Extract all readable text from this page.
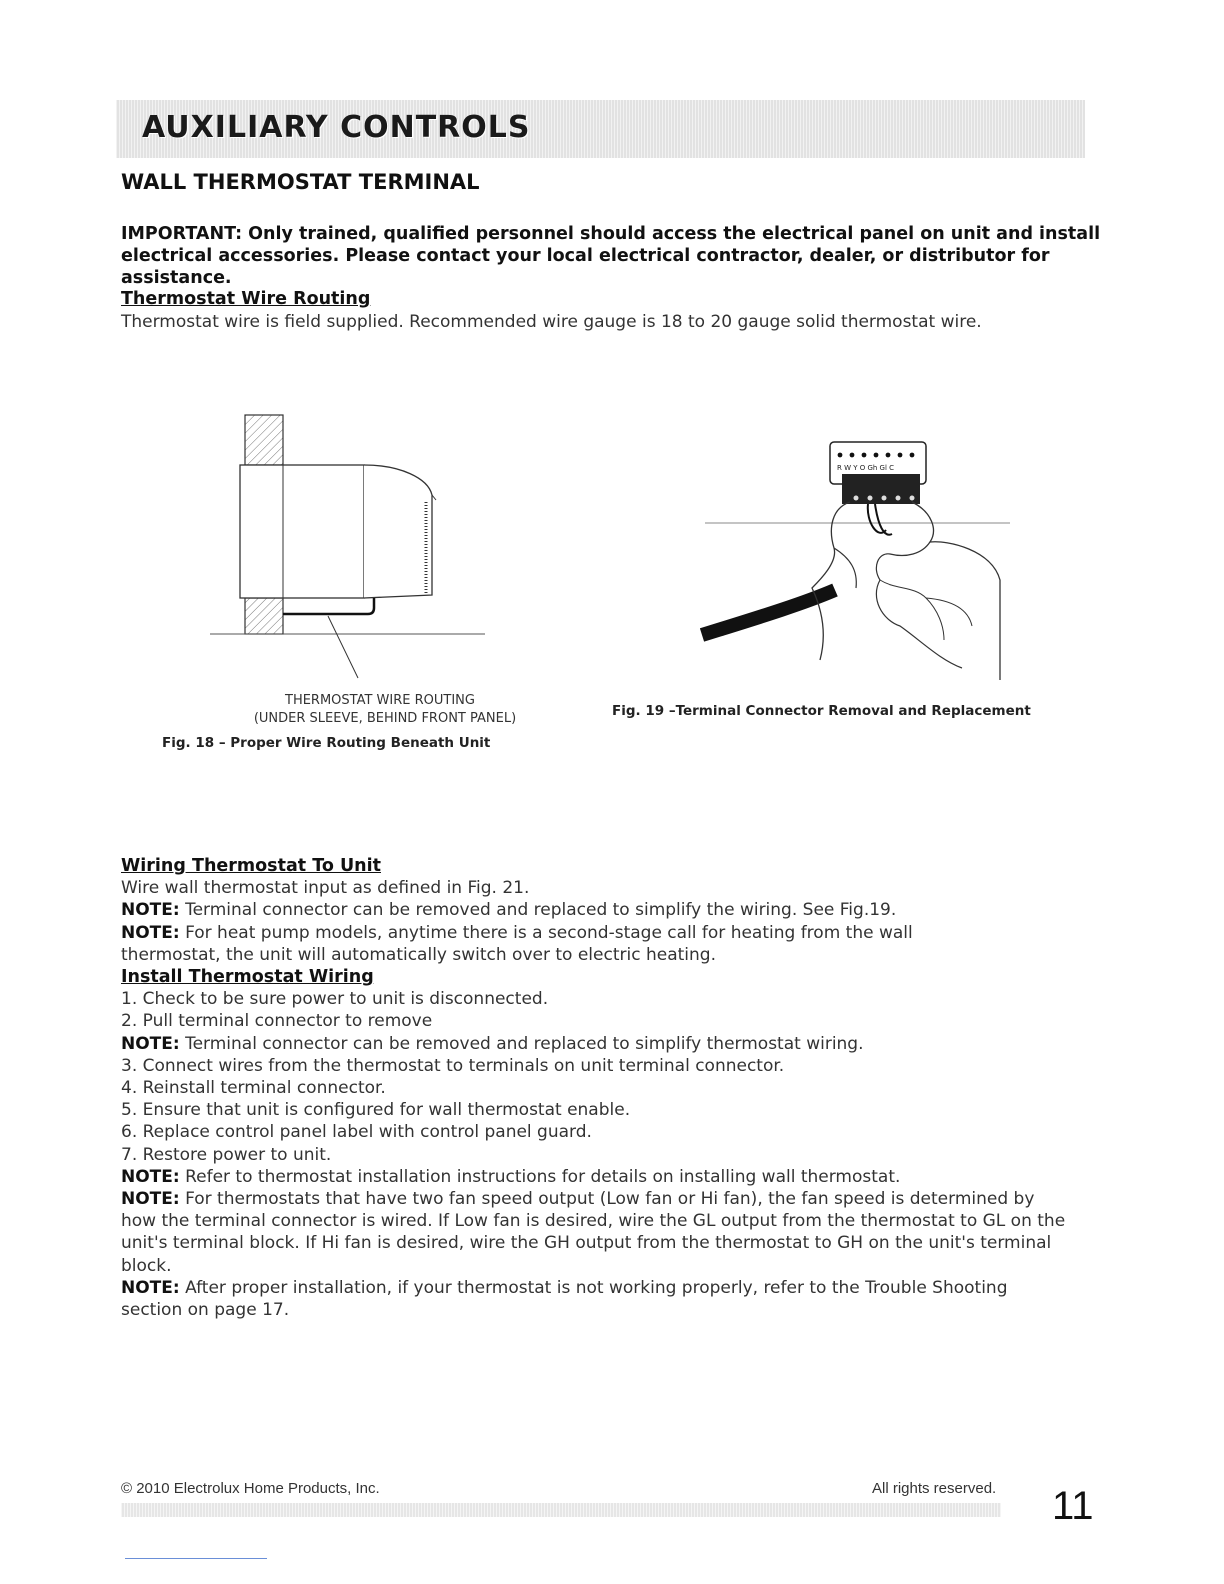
AUXILIARY CONTROLS
WALL THERMOSTAT TERMINAL
IMPORTANT: Only trained, qualified personnel should access the electrical panel on unit and install electrical accessories. Please contact your local electrical contractor, dealer, or distributor for assistance.
Thermostat Wire Routing
Thermostat wire is field supplied. Recommended wire gauge is 18 to 20 gauge solid thermostat wire.
THERMOSTAT WIRE ROUTING
(UNDER SLEEVE, BEHIND FRONT PANEL)
Fig. 18 – Proper Wire Routing Beneath Unit
R W Y O Gh Gl C
Fig. 19 –Terminal Connector Removal and Replacement
Wiring Thermostat To Unit
Wire wall thermostat input as defined in Fig. 21.
NOTE: Terminal connector can be removed and replaced to simplify the wiring. See Fig.19.
NOTE: For heat pump models, anytime there is a second-stage call for heating from the wall thermostat, the unit will automatically switch over to electric heating.
Install Thermostat Wiring
1. Check to be sure power to unit is disconnected.
2. Pull terminal connector to remove
NOTE: Terminal connector can be removed and replaced to simplify thermostat wiring.
3. Connect wires from the thermostat to terminals on unit terminal connector.
4. Reinstall terminal connector.
5. Ensure that unit is configured for wall thermostat enable.
6. Replace control panel label with control panel guard.
7. Restore power to unit.
NOTE: Refer to thermostat installation instructions for details on installing wall thermostat.
NOTE: For thermostats that have two fan speed output (Low fan or Hi fan), the fan speed is determined by how the terminal connector is wired. If Low fan is desired, wire the GL output from the thermostat to GL on the unit's terminal block. If Hi fan is desired, wire the GH output from the thermostat to GH on the unit's terminal block.
NOTE: After proper installation, if your thermostat is not working properly, refer to the Trouble Shooting section on page 17.
© 2010 Electrolux Home Products, Inc.	All rights reserved. 11
